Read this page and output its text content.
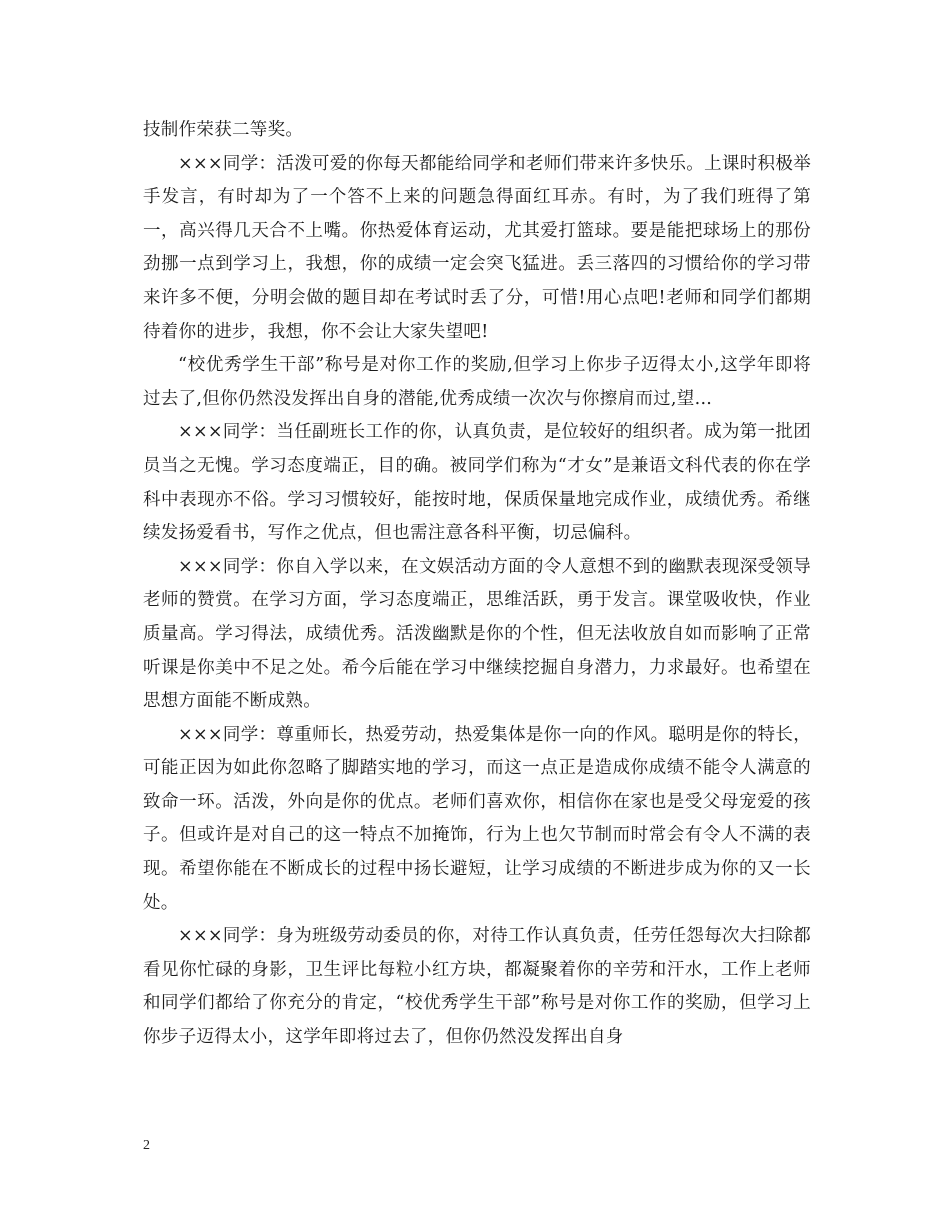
技制作荣获二等奖。

×××同学：活泼可爱的你每天都能给同学和老师们带来许多快乐。上课时积极举手发言，有时却为了一个答不上来的问题急得面红耳赤。有时，为了我们班得了第一，高兴得几天合不上嘴。你热爱体育运动，尤其爱打篮球。要是能把球场上的那份劲挪一点到学习上，我想，你的成绩一定会突飞猛进。丢三落四的习惯给你的学习带来许多不便，分明会做的题目却在考试时丢了分，可惜!用心点吧!老师和同学们都期待着你的进步，我想，你不会让大家失望吧!

“校优秀学生干部”称号是对你工作的奖励,但学习上你步子迈得太小,这学年即将过去了,但你仍然没发挥出自身的潜能,优秀成绩一次次与你擦肩而过,望...

×××同学：当任副班长工作的你，认真负责，是位较好的组织者。成为第一批团员当之无愧。学习态度端正，目的确。被同学们称为“才女”是兼语文科代表的你在学科中表现亦不俗。学习习惯较好，能按时地，保质保量地完成作业，成绩优秀。希继续发扬爱看书，写作之优点，但也需注意各科平衡，切忌偏科。

×××同学：你自入学以来，在文娱活动方面的令人意想不到的幽默表现深受领导老师的赞赏。在学习方面，学习态度端正，思维活跃，勇于发言。课堂吸收快，作业质量高。学习得法，成绩优秀。活泼幽默是你的个性，但无法收放自如而影响了正常听课是你美中不足之处。希今后能在学习中继续挖掘自身潜力，力求最好。也希望在思想方面能不断成熟。

×××同学：尊重师长，热爱劳动，热爱集体是你一向的作风。聪明是你的特长，可能正因为如此你忽略了脚踏实地的学习，而这一点正是造成你成绩不能令人满意的致命一环。活泼，外向是你的优点。老师们喜欢你，相信你在家也是受父母宠爱的孩子。但或许是对自己的这一特点不加掩饰，行为上也欠节制而时常会有令人不满的表现。希望你能在不断成长的过程中扬长避短，让学习成绩的不断进步成为你的又一长处。

×××同学：身为班级劳动委员的你，对待工作认真负责，任劳任怨每次大扫除都看见你忙碌的身影，卫生评比每粒小红方块，都凝聚着你的辛劳和汗水，工作上老师和同学们都给了你充分的肯定，“校优秀学生干部”称号是对你工作的奖励，但学习上你步子迈得太小，这学年即将过去了，但你仍然没发挥出自身

2
